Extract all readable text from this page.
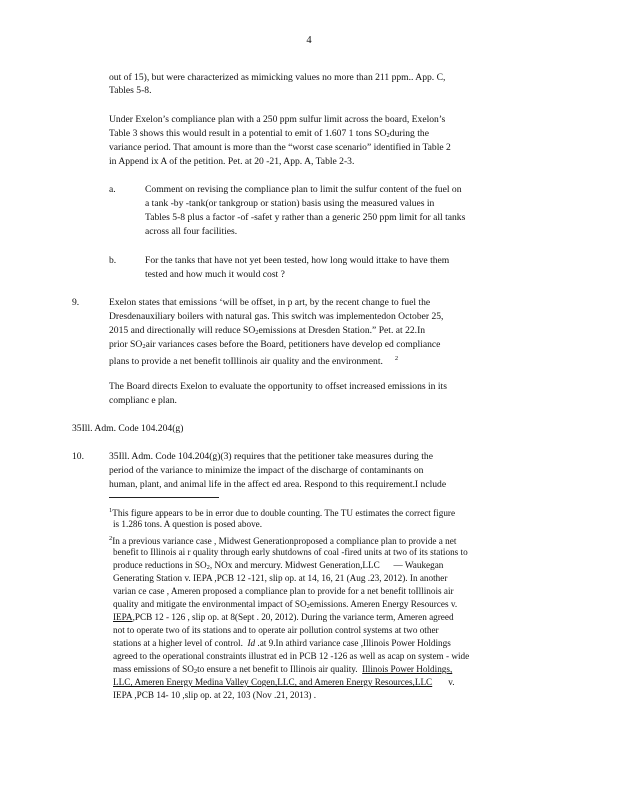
4
out of 15), but were characterized as mimicking values no more than 211 ppm.. App. C,
Tables 5-8.
Under Exelon’s compliance plan with a 250 ppm sulfur limit across the board, Exelon’s
Table 3 shows this would result in a potential to emit of 1.607 1 tons $SO_2during$ the
variance period. That amount is more than the “worst case scenario” identified in Table 2
in Append ix A of the petition. Pet. at 20 -21, App. A, Table 2-3.
a.	Comment on revising the compliance plan to limit the sulfur content of the fuel on
a tank -by -tank(or tankgroup or station) basis using the measured values in
Tables 5-8 plus a factor -of -safet y rather than a generic 250 ppm limit for all tanks
across all four facilities.
b.	For the tanks that have not yet been tested, how long would ittake to have them
tested and how much it would cost ?
9.	Exelon states that emissions ‘will be offset, in p art, by the recent change to fuel the
Dresdenauxiliary boilers with natural gas. This switch was implementedon October 25,
2015 and directionally will reduce $SO_2emissions$ at Dresden Station.” Pet. at 22.In
prior $SO_2air$ variances cases before the Board, petitioners have develop ed compliance
plans to provide a net benefit toIllinois air quality and the environment. $^2$
The Board directs Exelon to evaluate the opportunity to offset increased emissions in its
complianc e plan.
35Ill. Adm. Code 104.204(g)
10.	35Ill. Adm. Code 104.204(g)(3) requires that the petitioner take measures during the
period of the variance to minimize the impact of the discharge of contaminants on
human, plant, and animal life in the affect ed area. Respond to this requirement.I nclude
$^1$This figure appears to be in error due to double counting. The TU estimates the correct figure
is 1.286 tons. A question is posed above.
$^2$In a previous variance case , Midwest Generationproposed a compliance plan to provide a net
benefit to Illinois ai r quality through early shutdowns of coal -fired units at two of its stations to
produce reductions in $SO_2$, NOx and mercury. Midwest Generation,LLC — Waukegan
Generating Station v. IEPA ,PCB 12 -121, slip op. at 14, 16, 21 (Aug .23, 2012). In another
varian ce case , Ameren proposed a compliance plan to provide for a net benefit toIllinois air
quality and mitigate the environmental impact of $SO_2emissions$. Ameren Energy Resources v.
IEPA,PCB 12 - 126 , slip op. at 8(Sept . 20, 2012). During the variance term, Ameren agreed
not to operate two of its stations and to operate air pollution control systems at two other
stations at a higher level of control. Id .at 9.In athird variance case ,Illinois Power Holdings
agreed to the operational constraints illustrat ed in PCB 12 -126 as well as acap on system - wide
mass emissions of $SO_2to$ ensure a net benefit to Illinois air quality. Illinois Power Holdings,
LLC, Ameren Energy Medina Valley Cogen,LLC, and Ameren Energy Resources,LLC v.
IEPA ,PCB 14- 10 ,slip op. at 22, 103 (Nov .21, 2013) .
